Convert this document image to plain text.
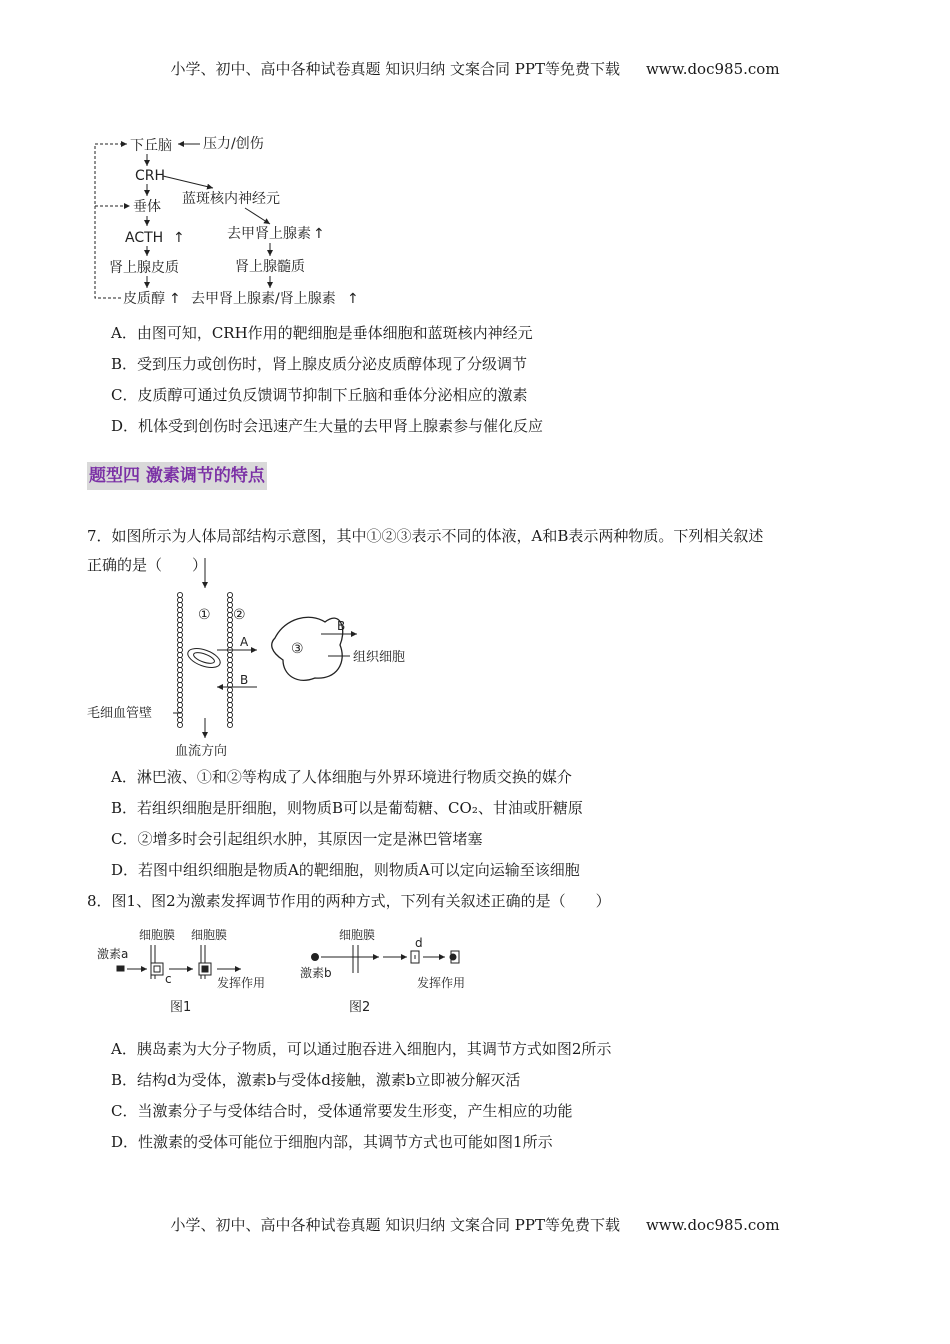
小学、初中、高中各种试卷真题 知识归纳 文案合同 PPT等免费下载 www.doc985.com
下丘脑 压力/创伤
CRH
蓝斑核内神经元
垂体
ACTH ↑	去甲肾上腺素 ↑
肾上腺皮质	肾上腺髓质
皮质醇 ↑ 去甲肾上腺素/肾上腺素 ↑
A．由图可知，CRH作用的靶细胞是垂体细胞和蓝斑核内神经元
B．受到压力或创伤时，肾上腺皮质分泌皮质醇体现了分级调节
C．皮质醇可通过负反馈调节抑制下丘脑和垂体分泌相应的激素
D．机体受到创伤时会迅速产生大量的去甲肾上腺素参与催化反应
题型四 激素调节的特点
7．如图所示为人体局部结构示意图，其中①②③表示不同的体液，A和B表示两种物质。下列相关叙述
正确的是（　　）
① ②
③
A
B
B
组织细胞
毛细血管壁
血流方向
A．淋巴液、①和②等构成了人体细胞与外界环境进行物质交换的媒介
B．若组织细胞是肝细胞，则物质B可以是葡萄糖、CO₂、甘油或肝糖原
C．②增多时会引起组织水肿，其原因一定是淋巴管堵塞
D．若图中组织细胞是物质A的靶细胞，则物质A可以定向运输至该细胞
8．图1、图2为激素发挥调节作用的两种方式，下列有关叙述正确的是（　　）
细胞膜 细胞膜	细胞膜
激素a
激素b
c
d
发挥作用	发挥作用
图1	图2
A．胰岛素为大分子物质，可以通过胞吞进入细胞内，其调节方式如图2所示
B．结构d为受体，激素b与受体d接触，激素b立即被分解灭活
C．当激素分子与受体结合时，受体通常要发生形变，产生相应的功能
D．性激素的受体可能位于细胞内部，其调节方式也可能如图1所示
小学、初中、高中各种试卷真题 知识归纳 文案合同 PPT等免费下载 www.doc985.com
